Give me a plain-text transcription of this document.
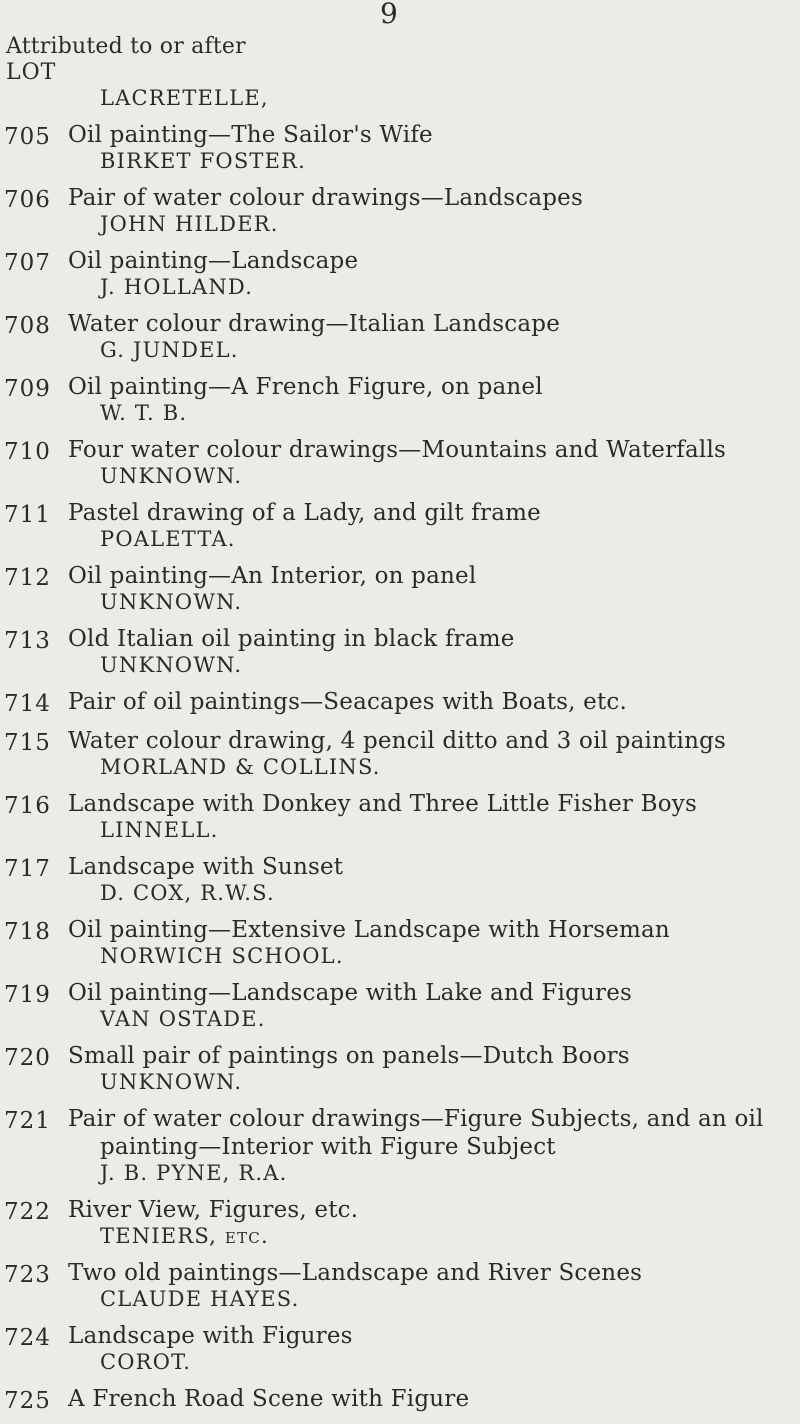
9
Attributed to or after
LOT
LACRETELLE,
705 Oil painting—The Sailor's Wife
BIRKET FOSTER.
706 Pair of water colour drawings—Landscapes
JOHN HILDER.
707 Oil painting—Landscape
J. HOLLAND.
708 Water colour drawing—Italian Landscape
G. JUNDEL.
709 Oil painting—A French Figure, on panel
W. T. B.
710 Four water colour drawings—Mountains and Waterfalls
UNKNOWN.
711 Pastel drawing of a Lady, and gilt frame
POALETTA.
712 Oil painting—An Interior, on panel
UNKNOWN.
713 Old Italian oil painting in black frame
UNKNOWN.
714 Pair of oil paintings—Seacapes with Boats, etc.
715 Water colour drawing, 4 pencil ditto and 3 oil paintings
MORLAND & COLLINS.
716 Landscape with Donkey and Three Little Fisher Boys
LINNELL.
717 Landscape with Sunset
D. COX, R.W.S.
718 Oil painting—Extensive Landscape with Horseman
NORWICH SCHOOL.
719 Oil painting—Landscape with Lake and Figures
VAN OSTADE.
720 Small pair of paintings on panels—Dutch Boors
UNKNOWN.
721 Pair of water colour drawings—Figure Subjects, and an oil
painting—Interior with Figure Subject
J. B. PYNE, R.A.
722 River View, Figures, etc.
TENIERS, etc.
723 Two old paintings—Landscape and River Scenes
CLAUDE HAYES.
724 Landscape with Figures
COROT.
725 A French Road Scene with Figure
